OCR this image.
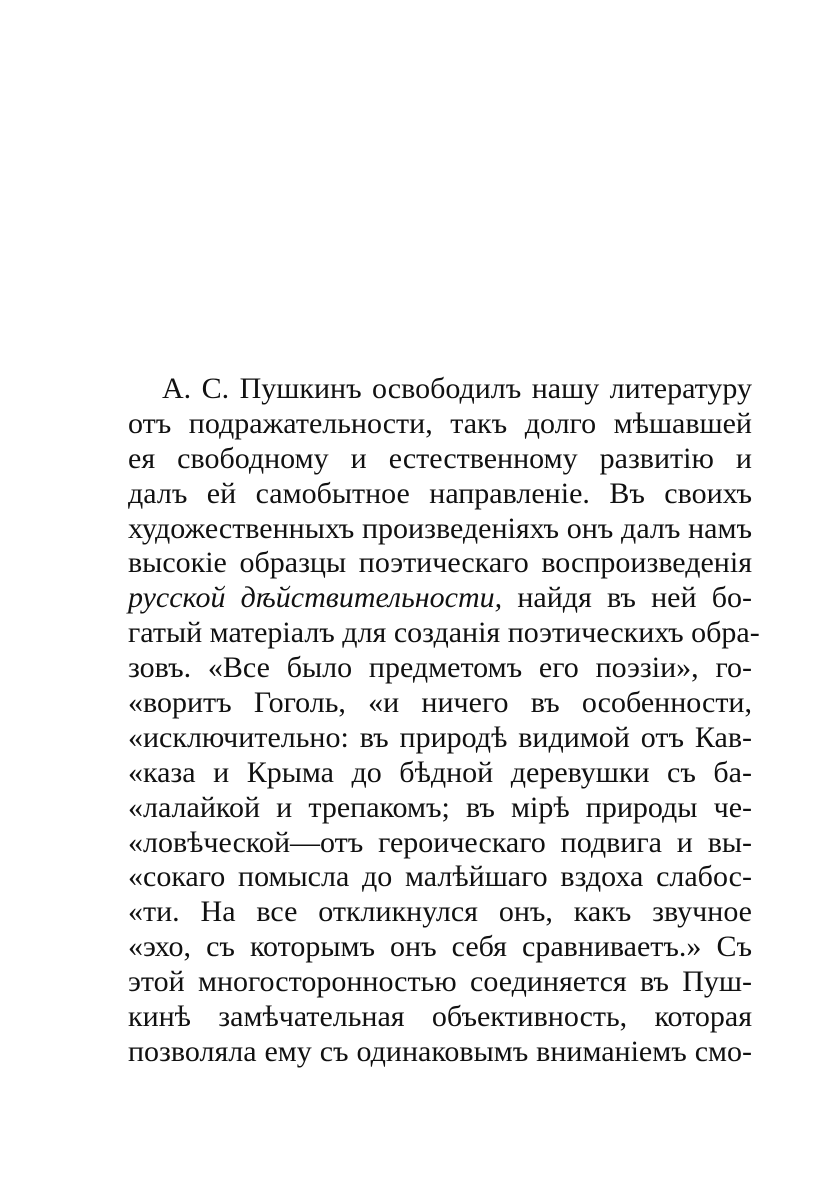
А. С. Пушкинъ освободилъ нашу литературу
отъ подражательности, такъ долго мѣшавшей
ея свободному и естественному развитію и
далъ ей самобытное направленіе. Въ своихъ
художественныхъ произведеніяхъ онъ далъ намъ
высокіе образцы поэтическаго воспроизведенія
русской дѣйствительности, найдя въ ней бо-
гатый матеріалъ для созданія поэтическихъ обра-
зовъ. «Все было предметомъ его поэзіи», го-
«воритъ Гоголь, «и ничего въ особенности,
«исключительно: въ природѣ видимой отъ Кав-
«каза и Крыма до бѣдной деревушки съ ба-
«лалайкой и трепакомъ; въ мірѣ природы че-
«ловѣческой—отъ героическаго подвига и вы-
«сокаго помысла до малѣйшаго вздоха слабос-
«ти. На все откликнулся онъ, какъ звучное
«эхо, съ которымъ онъ себя сравниваетъ.» Съ
этой многосторонностью соединяется въ Пуш-
кинѣ замѣчательная объективность, которая
позволяла ему съ одинаковымъ вниманіемъ смо-
